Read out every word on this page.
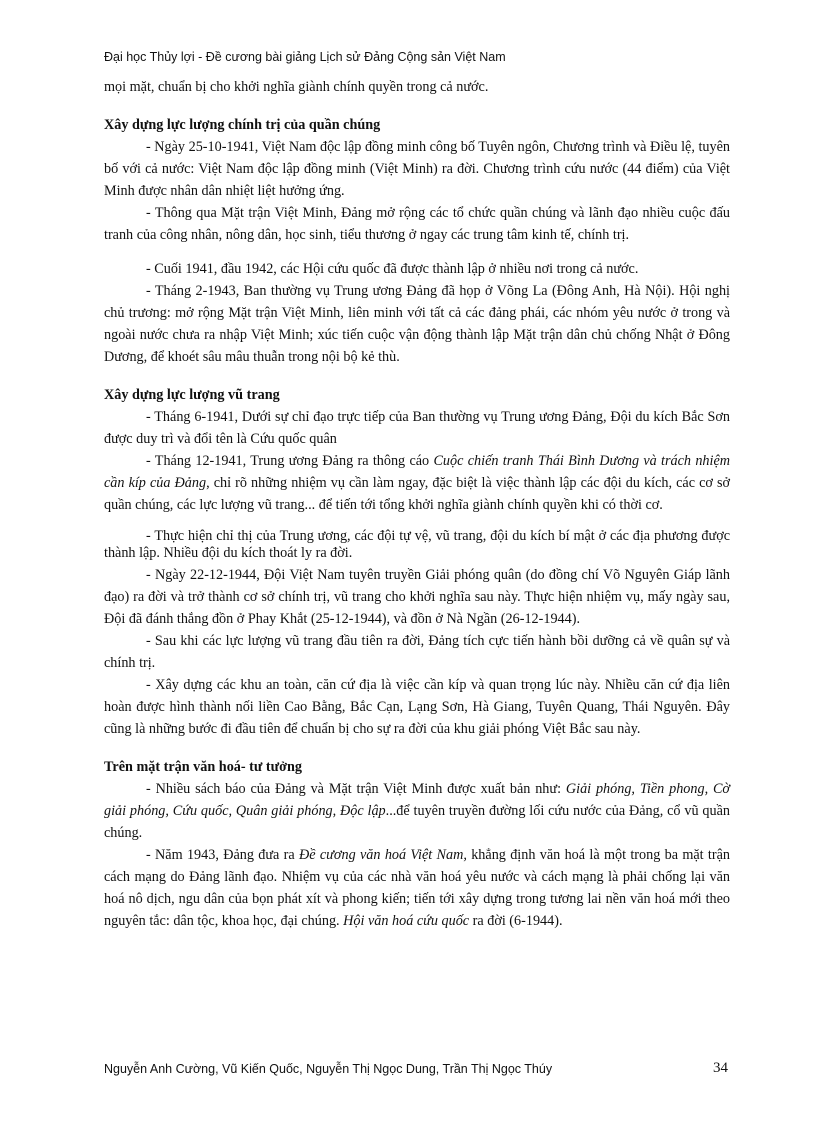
Đại học Thủy lợi - Đề cương bài giảng Lịch sử Đảng Cộng sản Việt Nam

mọi mặt, chuẩn bị cho khởi nghĩa giành chính quyền trong cả nước.

Xây dựng lực lượng chính trị của quần chúng

- Ngày 25-10-1941, Việt Nam độc lập đồng minh công bố Tuyên ngôn, Chương trình và Điều lệ, tuyên bố với cả nước: Việt Nam độc lập đồng minh (Việt Minh) ra đời. Chương trình cứu nước (44 điểm) của Việt Minh được nhân dân nhiệt liệt hưởng ứng.

- Thông qua Mặt trận Việt Minh, Đảng mở rộng các tổ chức quần chúng và lãnh đạo nhiều cuộc đấu tranh của công nhân, nông dân, học sinh, tiểu thương ở ngay các trung tâm kinh tế, chính trị.

- Cuối 1941, đầu 1942, các Hội cứu quốc đã được thành lập ở nhiều nơi trong cả nước.

- Tháng 2-1943, Ban thường vụ Trung ương Đảng đã họp ở Võng La (Đông Anh, Hà Nội). Hội nghị chủ trương: mở rộng Mặt trận Việt Minh, liên minh với tất cả các đảng phái, các nhóm yêu nước ở trong và ngoài nước chưa ra nhập Việt Minh; xúc tiến cuộc vận động thành lập Mặt trận dân chủ chống Nhật ở Đông Dương, để khoét sâu mâu thuẫn trong nội bộ kẻ thù.

Xây dựng lực lượng vũ trang

- Tháng 6-1941, Dưới sự chỉ đạo trực tiếp của Ban thường vụ Trung ương Đảng, Đội du kích Bắc Sơn được duy trì và đổi tên là Cứu quốc quân

- Tháng 12-1941, Trung ương Đảng ra thông cáo Cuộc chiến tranh Thái Bình Dương và trách nhiệm cần kíp của Đảng, chỉ rõ những nhiệm vụ cần làm ngay, đặc biệt là việc thành lập các đội du kích, các cơ sở quần chúng, các lực lượng vũ trang... để tiến tới tổng khởi nghĩa giành chính quyền khi có thời cơ.

- Thực hiện chỉ thị của Trung ương, các đội tự vệ, vũ trang, đội du kích bí mật ở các địa phương được thành lập. Nhiều đội du kích thoát ly ra đời.

- Ngày 22-12-1944, Đội Việt Nam tuyên truyền Giải phóng quân (do đồng chí Võ Nguyên Giáp lãnh đạo) ra đời và trở thành cơ sở chính trị, vũ trang cho khởi nghĩa sau này. Thực hiện nhiệm vụ, mấy ngày sau, Đội đã đánh thắng đồn ở Phay Khắt (25-12-1944), và đồn ở Nà Ngần (26-12-1944).

- Sau khi các lực lượng vũ trang đầu tiên ra đời, Đảng tích cực tiến hành bồi dưỡng cả về quân sự và chính trị.

- Xây dựng các khu an toàn, căn cứ địa là việc cần kíp và quan trọng lúc này. Nhiều căn cứ địa liên hoàn được hình thành nối liền Cao Bằng, Bắc Cạn, Lạng Sơn, Hà Giang, Tuyên Quang, Thái Nguyên. Đây cũng là những bước đi đầu tiên để chuẩn bị cho sự ra đời của khu giải phóng Việt Bắc sau này.

Trên mặt trận văn hoá- tư tưởng

- Nhiều sách báo của Đảng và Mặt trận Việt Minh được xuất bản như: Giải phóng, Tiền phong, Cờ giải phóng, Cứu quốc, Quân giải phóng, Độc lập...để tuyên truyền đường lối cứu nước của Đảng, cổ vũ quần chúng.

- Năm 1943, Đảng đưa ra Đề cương văn hoá Việt Nam, khẳng định văn hoá là một trong ba mặt trận cách mạng do Đảng lãnh đạo. Nhiệm vụ của các nhà văn hoá yêu nước và cách mạng là phải chống lại văn hoá nô dịch, ngu dân của bọn phát xít và phong kiến; tiến tới xây dựng trong tương lai nền văn hoá mới theo nguyên tắc: dân tộc, khoa học, đại chúng. Hội văn hoá cứu quốc ra đời (6-1944).

Nguyễn Anh Cường, Vũ Kiến Quốc, Nguyễn Thị Ngọc Dung, Trần Thị Ngọc Thúy	34
